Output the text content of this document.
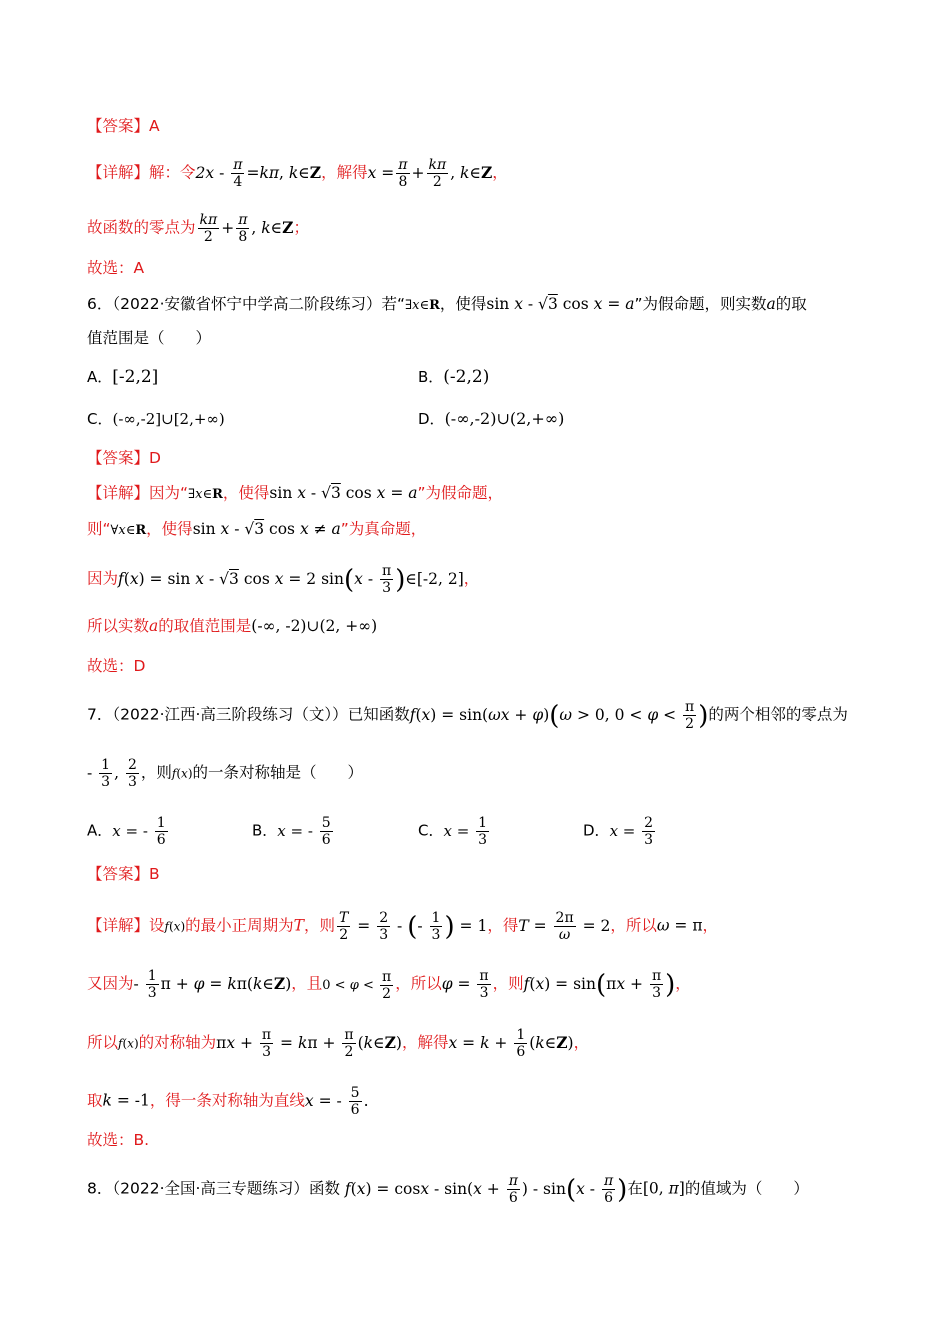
【答案】A
【详解】解：令$2x - \frac{\pi}{4} =k\pi$, k∈Z，解得$x = \frac{\pi}{8} + \frac{k\pi}{2}$ , k∈Z，
故函数的零点为 $\frac{k\pi}{2} + \frac{\pi}{8}$ , k∈Z；
故选：A
6．（2022·安徽省怀宁中学高二阶段练习）若“∃x∈R，使得sin x - √3 cos x = a”为假命题，则实数a的取
值范围是（　　）
A．[-2,2]	B．(-2,2)
C．(-∞,-2]∪[2,+∞)	D．(-∞,-2)∪(2,+∞)
【答案】D
【详解】因为“∃x∈R，使得sin x - √3 cos x = a”为假命题，
则“∀x∈R，使得sin x - √3 cos x ≠ a”为真命题，
因为f(x) = sin x - √3 cos x = 2 $\sin(x - \frac{\pi}{3}$ )∈[-2, 2]，
所以实数a的取值范围是(-∞, -2)∪(2, +∞)
故选：D
7．（2022·江西·高三阶段练习（文））已知函数f(x) = sin(ωx + φ)(ω > 0, $0 < \varphi < \frac{\pi}{2}$ )的两个相邻的零点为
- $\frac{1}{3}$ , $\frac{2}{3}$ ，则f(x)的一条对称轴是（　　）
A．x = - $\frac{1}{6}$	B．x = - $\frac{5}{6}$	C．$x = \frac{1}{3}$	D．$x = \frac{2}{3}$
【答案】B
【详解】设f(x)的最小正周期为T，则 $\frac{T}{2} = \frac{2}{3}$ - (- $\frac{1}{3}$ ) = 1，得$T = \frac{2\pi}{\omega} = 2$，所以ω = π，
又因为- $\frac{1}{3}$ π + φ = kπ(k∈Z)，且$0 < \varphi < \frac{\pi}{2}$ ，所以$\varphi = \frac{\pi}{3}$ ，则$f(x) = \sin(\pi x + \frac{\pi}{3}$ )，
所以f(x)的对称轴为$\pi x + \frac{\pi}{3} = k\pi + \frac{\pi}{2}$ (k∈Z)，解得$x = k + \frac{1}{6}$ (k∈Z)，
取k = -1，得一条对称轴为直线x = - $\frac{5}{6}$ .
故选：B.
8．（2022·全国·高三专题练习）函数 $f(x) = \cos x - \sin(x + \frac{\pi}{6}$ ) - $\sin(x - \frac{\pi}{6}$ )在[0, π]的值域为（　　）
